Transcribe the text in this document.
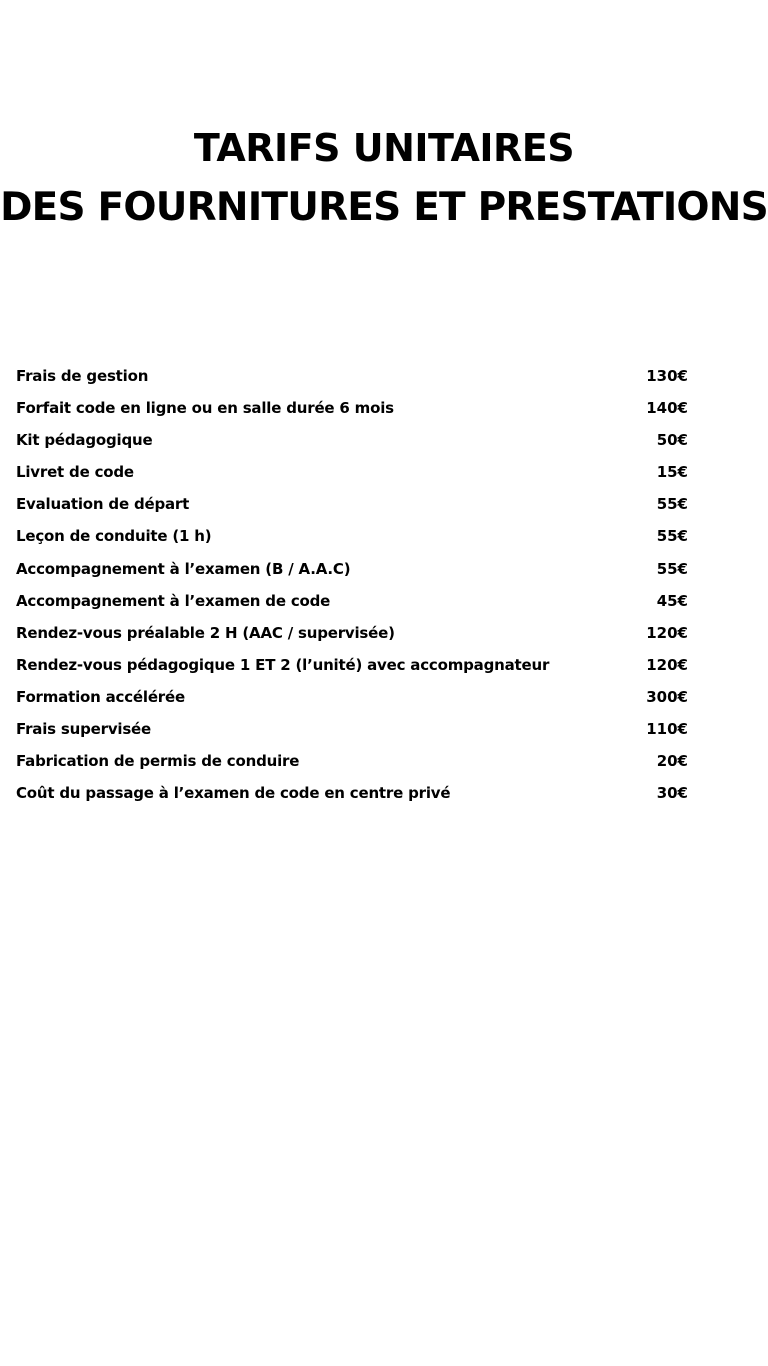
TARIFS UNITAIRES
DES FOURNITURES ET PRESTATIONS
Frais de gestion	130€
Forfait code en ligne ou en salle durée 6 mois	140€
Kit pédagogique	50€
Livret de code	15€
Evaluation de départ	55€
Leçon de conduite (1 h)	55€
Accompagnement à l’examen (B / A.A.C)	55€
Accompagnement à l’examen de code	45€
Rendez-vous préalable 2 H (AAC / supervisée)	120€
Rendez-vous pédagogique 1 ET 2 (l’unité) avec accompagnateur	120€
Formation accélérée	300€
Frais supervisée	110€
Fabrication de permis de conduire	20€
Coût du passage à l’examen de code en centre privé	30€
